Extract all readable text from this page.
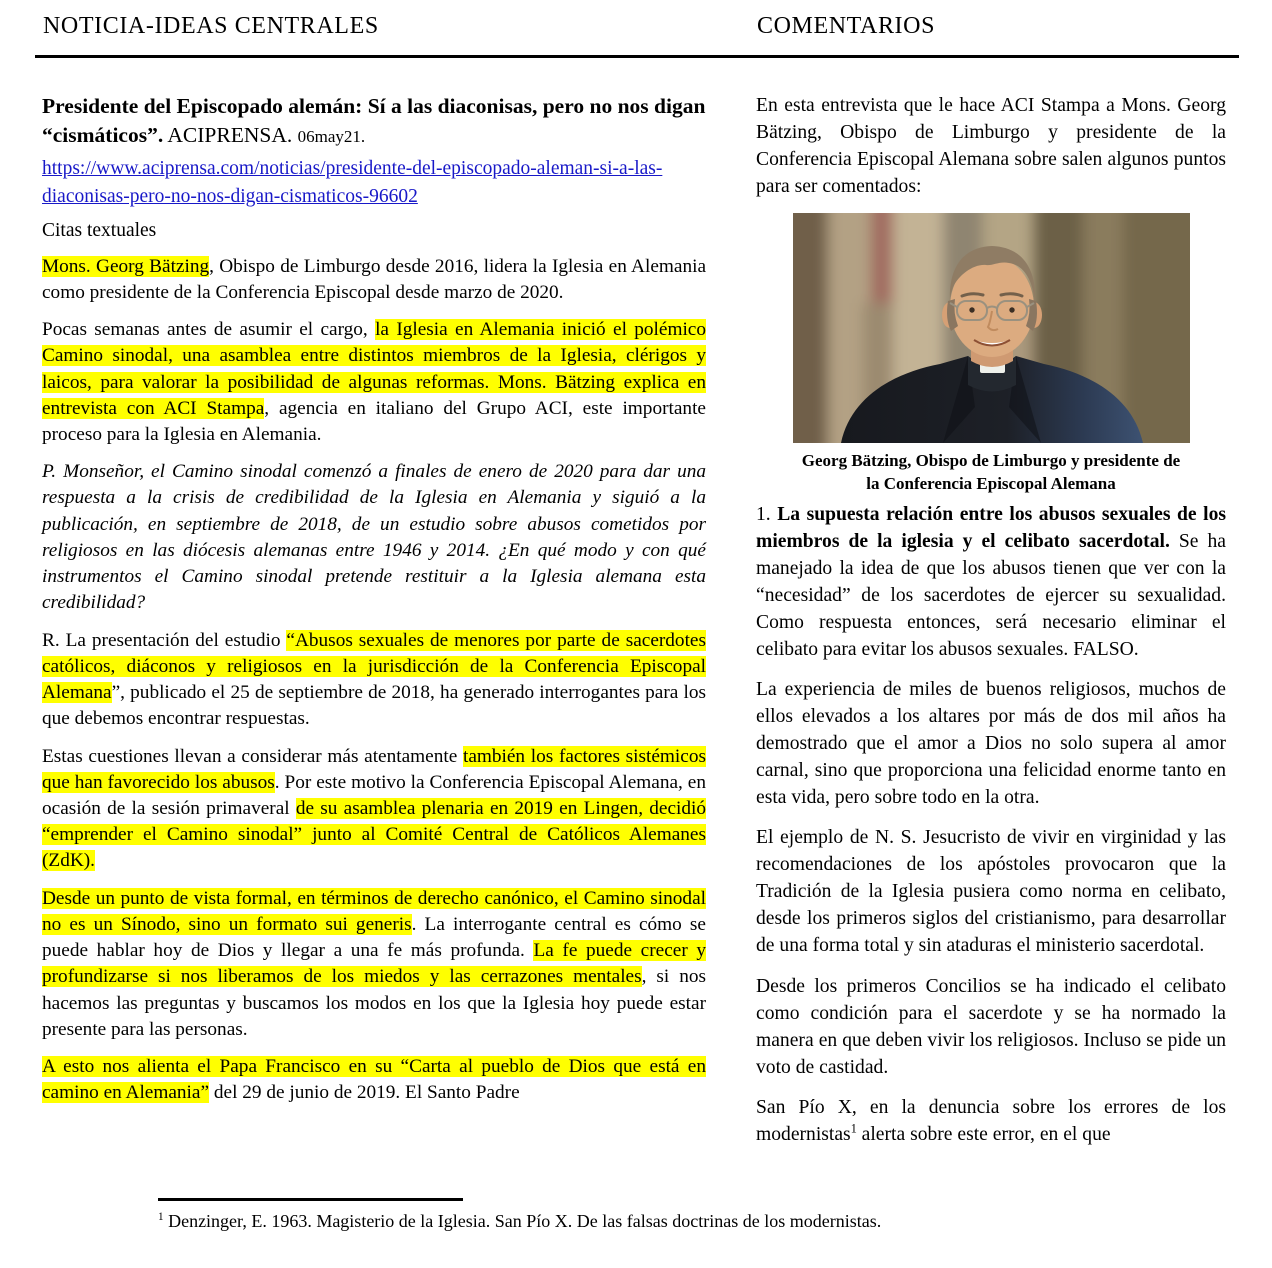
NOTICIA-IDEAS CENTRALES	COMENTARIOS

Presidente del Episcopado alemán: Sí a las diaconisas, pero no nos digan “cismáticos”. ACIPRENSA. 06may21.

https://www.aciprensa.com/noticias/presidente-del-episcopado-aleman-si-a-las-diaconisas-pero-no-nos-digan-cismaticos-96602

Citas textuales

Mons. Georg Bätzing, Obispo de Limburgo desde 2016, lidera la Iglesia en Alemania como presidente de la Conferencia Episcopal desde marzo de 2020.

Pocas semanas antes de asumir el cargo, la Iglesia en Alemania inició el polémico Camino sinodal, una asamblea entre distintos miembros de la Iglesia, clérigos y laicos, para valorar la posibilidad de algunas reformas. Mons. Bätzing explica en entrevista con ACI Stampa, agencia en italiano del Grupo ACI, este importante proceso para la Iglesia en Alemania.

P. Monseñor, el Camino sinodal comenzó a finales de enero de 2020 para dar una respuesta a la crisis de credibilidad de la Iglesia en Alemania y siguió a la publicación, en septiembre de 2018, de un estudio sobre abusos cometidos por religiosos en las diócesis alemanas entre 1946 y 2014. ¿En qué modo y con qué instrumentos el Camino sinodal pretende restituir a la Iglesia alemana esta credibilidad?

R. La presentación del estudio “Abusos sexuales de menores por parte de sacerdotes católicos, diáconos y religiosos en la jurisdicción de la Conferencia Episcopal Alemana”, publicado el 25 de septiembre de 2018, ha generado interrogantes para los que debemos encontrar respuestas.

Estas cuestiones llevan a considerar más atentamente también los factores sistémicos que han favorecido los abusos. Por este motivo la Conferencia Episcopal Alemana, en ocasión de la sesión primaveral de su asamblea plenaria en 2019 en Lingen, decidió “emprender el Camino sinodal” junto al Comité Central de Católicos Alemanes (ZdK).

Desde un punto de vista formal, en términos de derecho canónico, el Camino sinodal no es un Sínodo, sino un formato sui generis. La interrogante central es cómo se puede hablar hoy de Dios y llegar a una fe más profunda. La fe puede crecer y profundizarse si nos liberamos de los miedos y las cerrazones mentales, si nos hacemos las preguntas y buscamos los modos en los que la Iglesia hoy puede estar presente para las personas.

A esto nos alienta el Papa Francisco en su “Carta al pueblo de Dios que está en camino en Alemania” del 29 de junio de 2019. El Santo Padre

En esta entrevista que le hace ACI Stampa a Mons. Georg Bätzing, Obispo de Limburgo y presidente de la Conferencia Episcopal Alemana sobre salen algunos puntos para ser comentados:

Georg Bätzing, Obispo de Limburgo y presidente de la Conferencia Episcopal Alemana

1. La supuesta relación entre los abusos sexuales de los miembros de la iglesia y el celibato sacerdotal. Se ha manejado la idea de que los abusos tienen que ver con la “necesidad” de los sacerdotes de ejercer su sexualidad. Como respuesta entonces, será necesario eliminar el celibato para evitar los abusos sexuales. FALSO.

La experiencia de miles de buenos religiosos, muchos de ellos elevados a los altares por más de dos mil años ha demostrado que el amor a Dios no solo supera al amor carnal, sino que proporciona una felicidad enorme tanto en esta vida, pero sobre todo en la otra.

El ejemplo de N. S. Jesucristo de vivir en virginidad y las recomendaciones de los apóstoles provocaron que la Tradición de la Iglesia pusiera como norma en celibato, desde los primeros siglos del cristianismo, para desarrollar de una forma total y sin ataduras el ministerio sacerdotal.

Desde los primeros Concilios se ha indicado el celibato como condición para el sacerdote y se ha normado la manera en que deben vivir los religiosos. Incluso se pide un voto de castidad.

San Pío X, en la denuncia sobre los errores de los modernistas$^1$ alerta sobre este error, en el que

$^1$ Denzinger, E. 1963. Magisterio de la Iglesia. San Pío X. De las falsas doctrinas de los modernistas.
